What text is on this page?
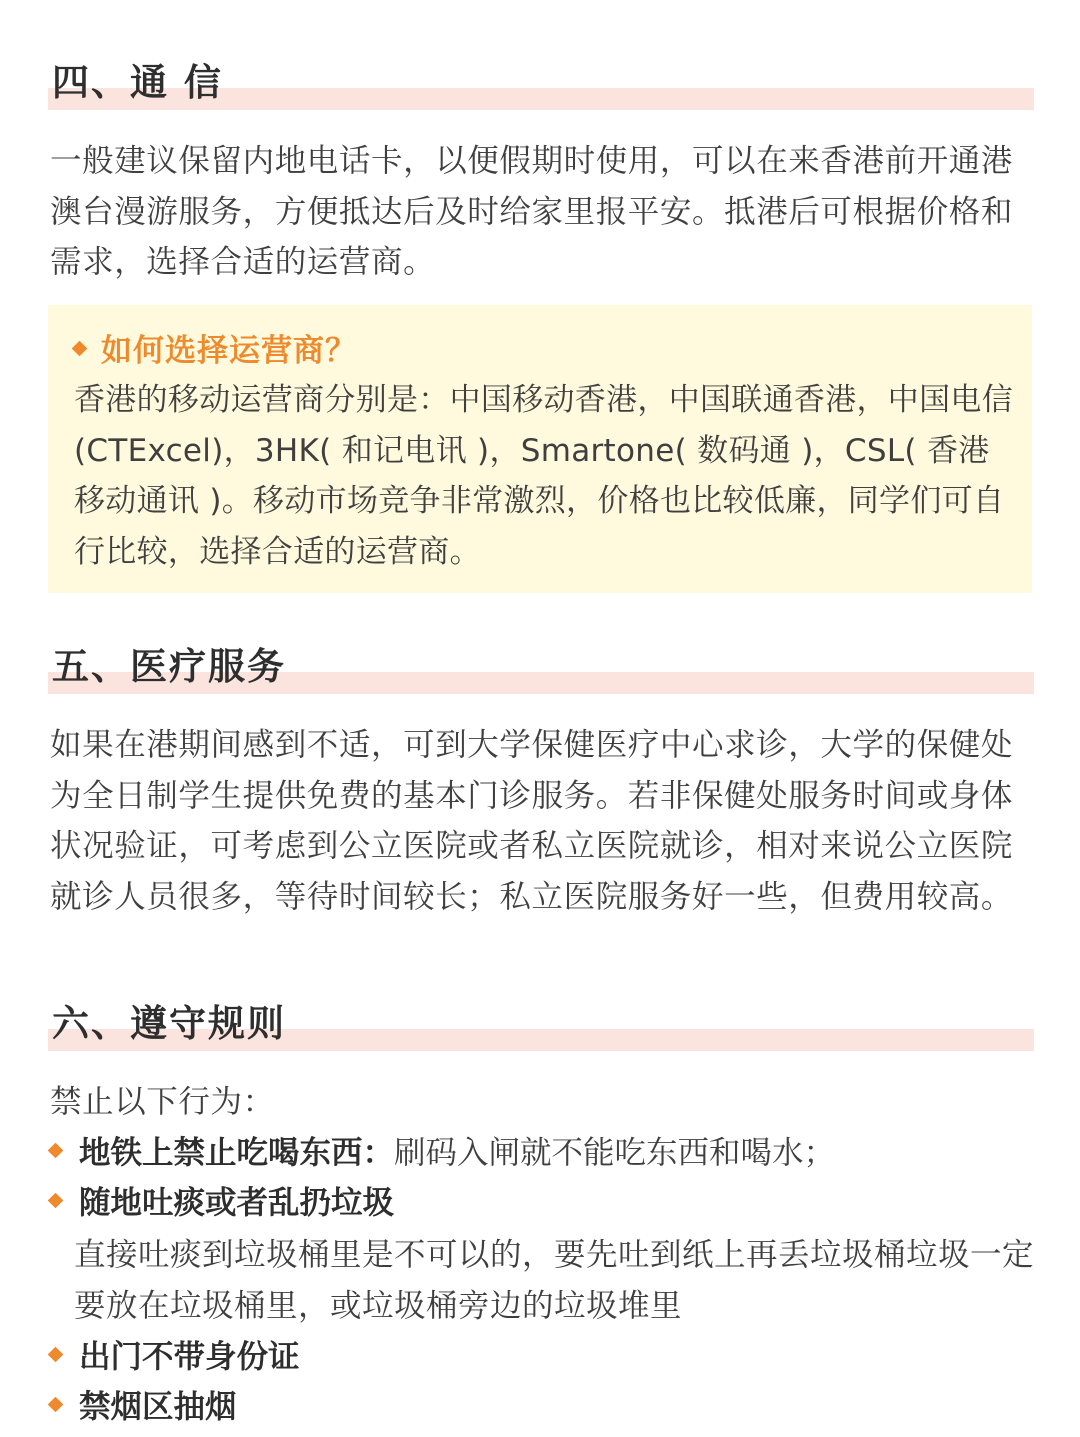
四、通 信
一般建议保留内地电话卡，以便假期时使用，可以在来香港前开通港澳台漫游服务，方便抵达后及时给家里报平安。抵港后可根据价格和需求，选择合适的运营商。
如何选择运营商？
香港的移动运营商分别是：中国移动香港，中国联通香港，中国电信 (CTExcel)，3HK( 和记电讯 )，Smartone( 数码通 )，CSL( 香港移动通讯 )。移动市场竞争非常激烈，价格也比较低廉，同学们可自行比较，选择合适的运营商。
五、医疗服务
如果在港期间感到不适，可到大学保健医疗中心求诊，大学的保健处为全日制学生提供免费的基本门诊服务。若非保健处服务时间或身体状况验证，可考虑到公立医院或者私立医院就诊，相对来说公立医院就诊人员很多，等待时间较长；私立医院服务好一些，但费用较高。
六、遵守规则
禁止以下行为：
地铁上禁止吃喝东西：刷码入闸就不能吃东西和喝水；
随地吐痰或者乱扔垃圾
直接吐痰到垃圾桶里是不可以的，要先吐到纸上再丢垃圾桶垃圾一定要放在垃圾桶里，或垃圾桶旁边的垃圾堆里
出门不带身份证
禁烟区抽烟
